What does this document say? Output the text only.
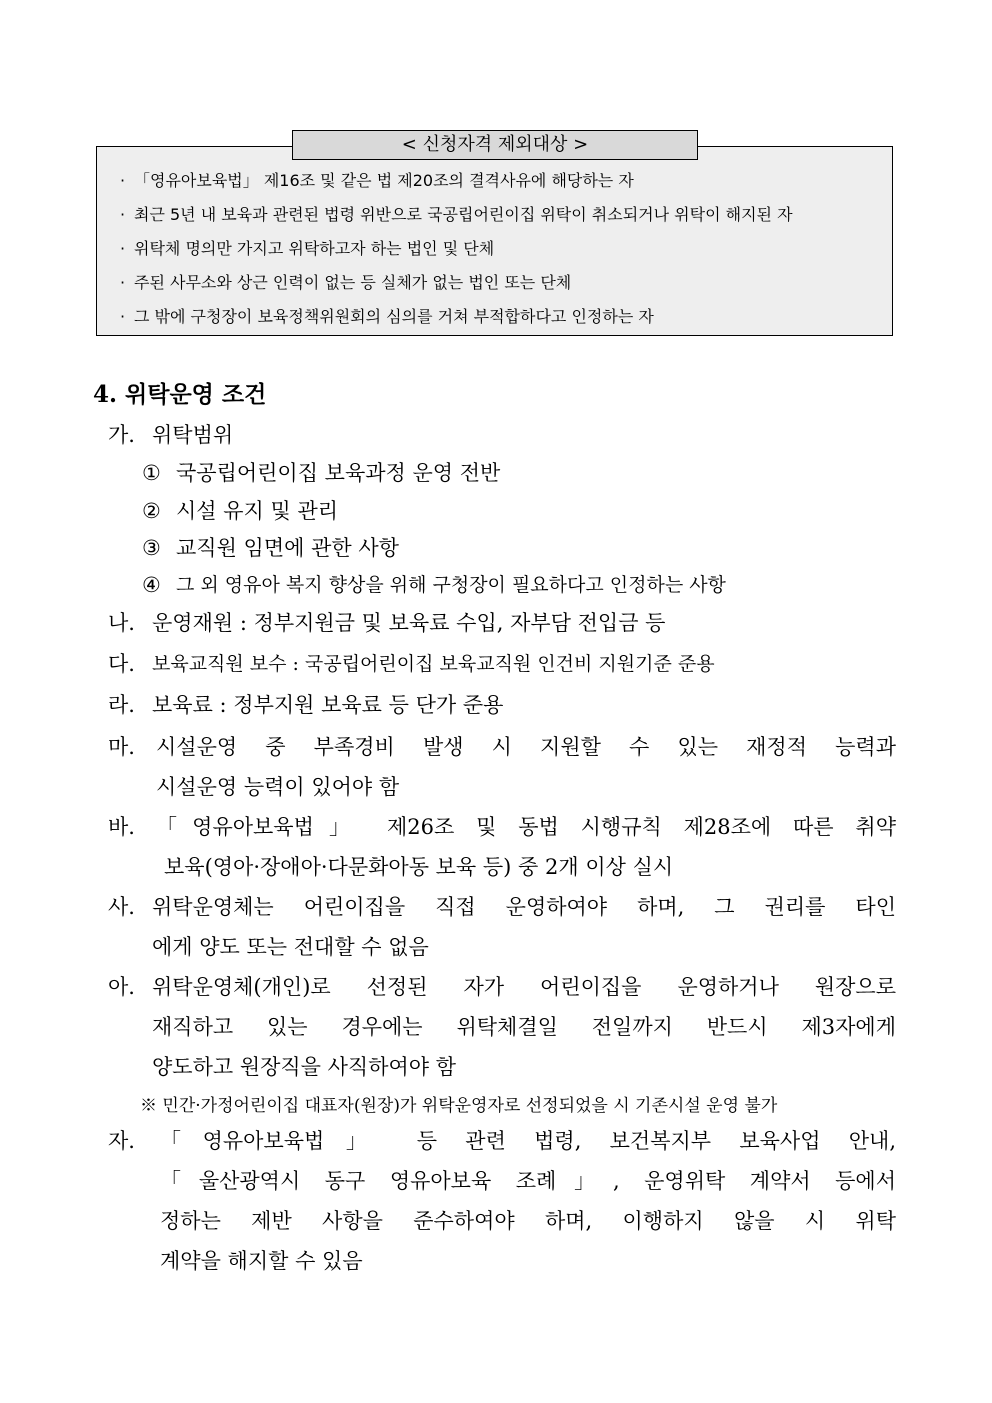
< 신청자격 제외대상 >
· 「영유아보육법」 제16조 및 같은 법 제20조의 결격사유에 해당하는 자
· 최근 5년 내 보육과 관련된 법령 위반으로 국공립어린이집 위탁이 취소되거나 위탁이 해지된 자
· 위탁체 명의만 가지고 위탁하고자 하는 법인 및 단체
· 주된 사무소와 상근 인력이 없는 등 실체가 없는 법인 또는 단체
· 그 밖에 구청장이 보육정책위원회의 심의를 거쳐 부적합하다고 인정하는 자
4. 위탁운영 조건
가. 위탁범위
① 국공립어린이집 보육과정 운영 전반
② 시설 유지 및 관리
③ 교직원 임면에 관한 사항
④ 그 외 영유아 복지 향상을 위해 구청장이 필요하다고 인정하는 사항
나. 운영재원 : 정부지원금 및 보육료 수입, 자부담 전입금 등
다. 보육교직원 보수 : 국공립어린이집 보육교직원 인건비 지원기준 준용
라. 보육료 : 정부지원 보육료 등 단가 준용
마. 시설운영 중 부족경비 발생 시 지원할 수 있는 재정적 능력과
시설운영 능력이 있어야 함
바. 「영유아보육법」 제26조 및 동법 시행규칙 제28조에 따른 취약
보육(영아·장애아·다문화아동 보육 등) 중 2개 이상 실시
사. 위탁운영체는 어린이집을 직접 운영하여야 하며, 그 권리를 타인
에게 양도 또는 전대할 수 없음
아. 위탁운영체(개인)로 선정된 자가 어린이집을 운영하거나 원장으로
재직하고 있는 경우에는 위탁체결일 전일까지 반드시 제3자에게
양도하고 원장직을 사직하여야 함
※ 민간·가정어린이집 대표자(원장)가 위탁운영자로 선정되었을 시 기존시설 운영 불가
자. 「영유아보육법」 등 관련 법령, 보건복지부 보육사업 안내,
「울산광역시 동구 영유아보육 조례」, 운영위탁 계약서 등에서
정하는 제반 사항을 준수하여야 하며, 이행하지 않을 시 위탁
계약을 해지할 수 있음
